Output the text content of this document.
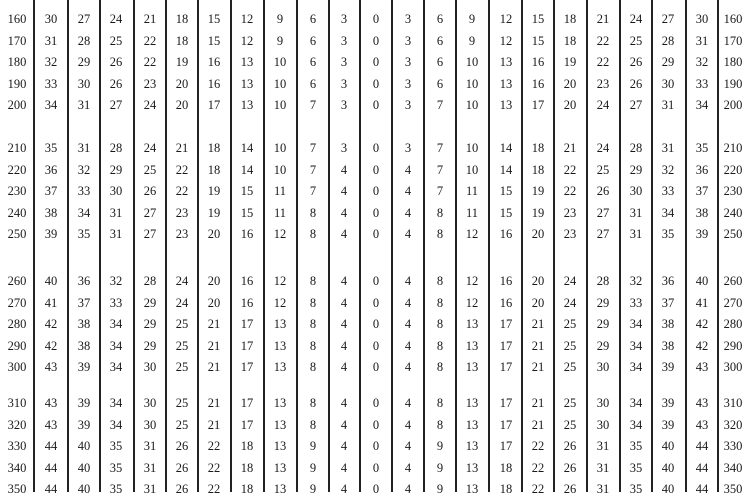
160	30	27	24	21	18	15	12	9	6	3	0	3	6	9	12	15	18	21	24	27	30	160
170	31	28	25	22	18	15	12	9	6	3	0	3	6	9	12	15	18	22	25	28	31	170
180	32	29	26	22	19	16	13	10	6	3	0	3	6	10	13	16	19	22	26	29	32	180
190	33	30	26	23	20	16	13	10	6	3	0	3	6	10	13	16	20	23	26	30	33	190
200	34	31	27	24	20	17	13	10	7	3	0	3	7	10	13	17	20	24	27	31	34	200
210	35	31	28	24	21	18	14	10	7	3	0	3	7	10	14	18	21	24	28	31	35	210
220	36	32	29	25	22	18	14	10	7	4	0	4	7	10	14	18	22	25	29	32	36	220
230	37	33	30	26	22	19	15	11	7	4	0	4	7	11	15	19	22	26	30	33	37	230
240	38	34	31	27	23	19	15	11	8	4	0	4	8	11	15	19	23	27	31	34	38	240
250	39	35	31	27	23	20	16	12	8	4	0	4	8	12	16	20	23	27	31	35	39	250
260	40	36	32	28	24	20	16	12	8	4	0	4	8	12	16	20	24	28	32	36	40	260
270	41	37	33	29	24	20	16	12	8	4	0	4	8	12	16	20	24	29	33	37	41	270
280	42	38	34	29	25	21	17	13	8	4	0	4	8	13	17	21	25	29	34	38	42	280
290	42	38	34	29	25	21	17	13	8	4	0	4	8	13	17	21	25	29	34	38	42	290
300	43	39	34	30	25	21	17	13	8	4	0	4	8	13	17	21	25	30	34	39	43	300
310	43	39	34	30	25	21	17	13	8	4	0	4	8	13	17	21	25	30	34	39	43	310
320	43	39	34	30	25	21	17	13	8	4	0	4	8	13	17	21	25	30	34	39	43	320
330	44	40	35	31	26	22	18	13	9	4	0	4	9	13	17	22	26	31	35	40	44	330
340	44	40	35	31	26	22	18	13	9	4	0	4	9	13	18	22	26	31	35	40	44	340
350	44	40	35	31	26	22	18	13	9	4	0	4	9	13	18	22	26	31	35	40	44	350
